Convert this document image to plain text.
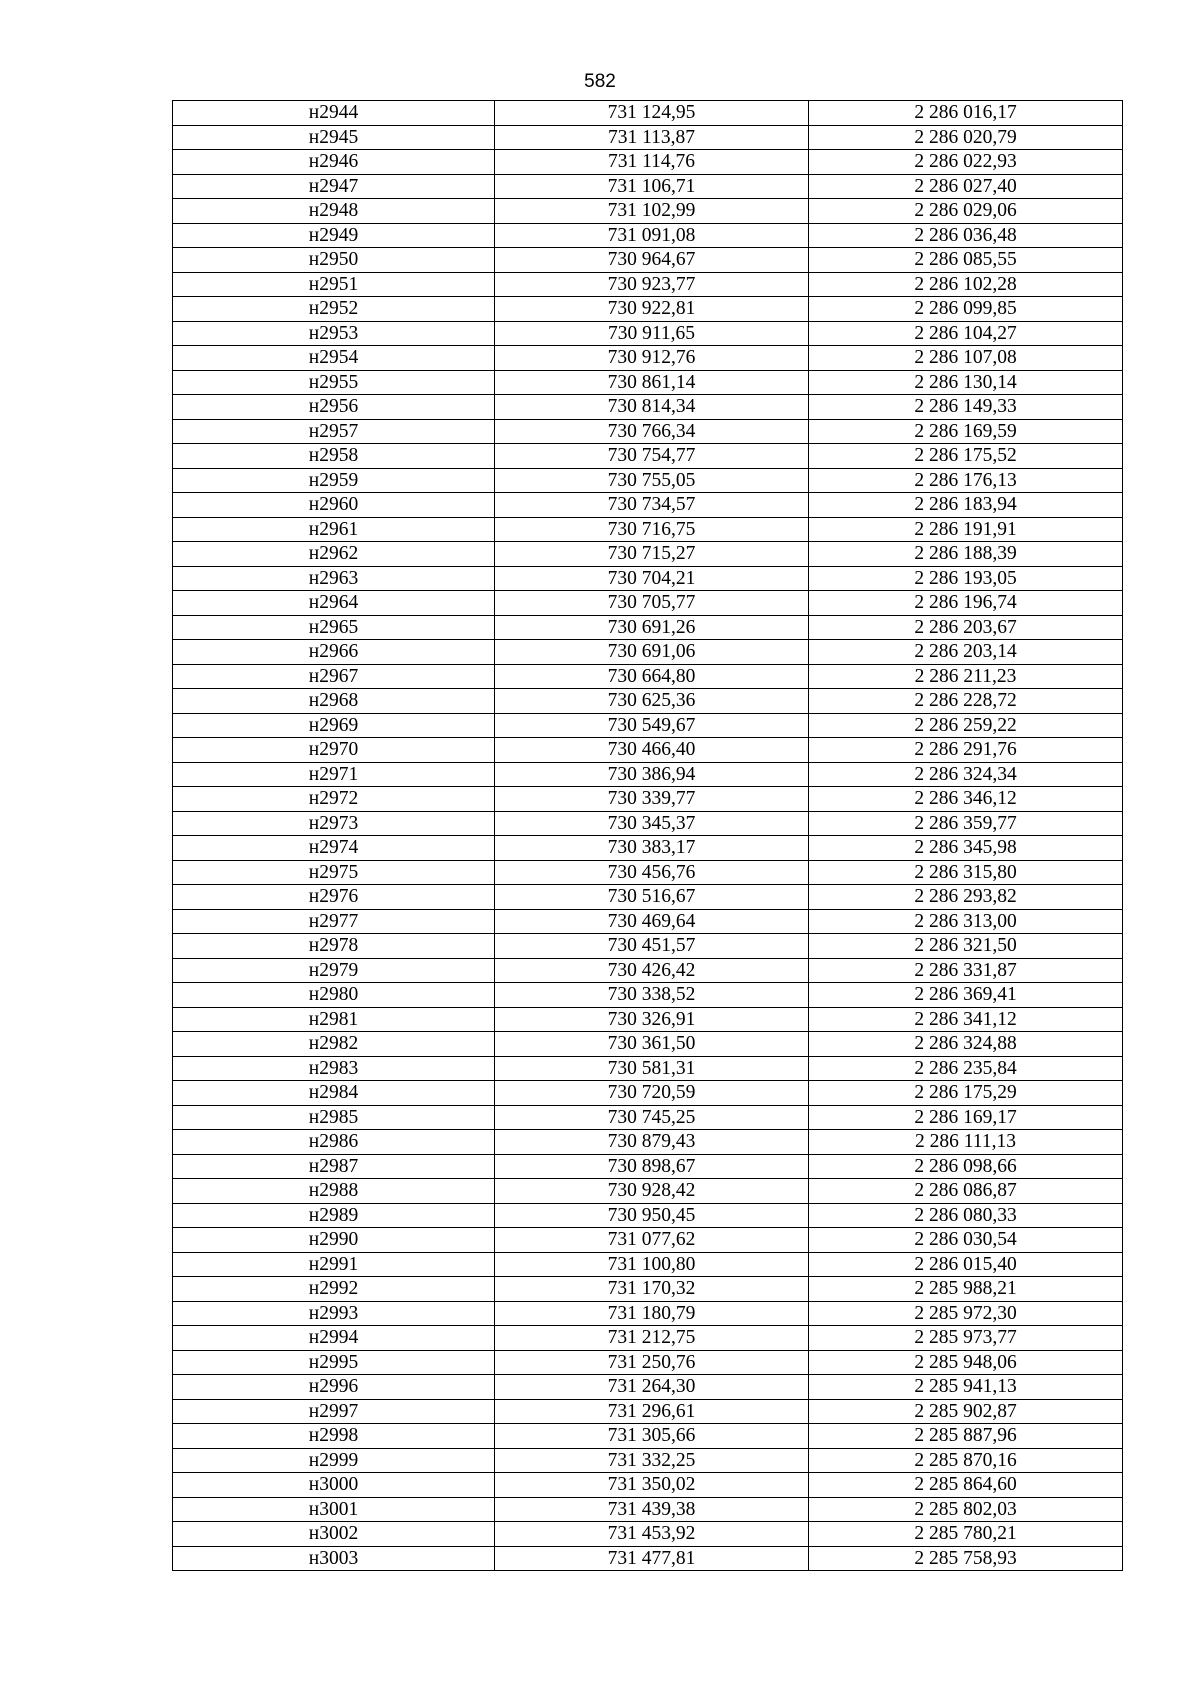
582
н2944	731 124,95	2 286 016,17
н2945	731 113,87	2 286 020,79
н2946	731 114,76	2 286 022,93
н2947	731 106,71	2 286 027,40
н2948	731 102,99	2 286 029,06
н2949	731 091,08	2 286 036,48
н2950	730 964,67	2 286 085,55
н2951	730 923,77	2 286 102,28
н2952	730 922,81	2 286 099,85
н2953	730 911,65	2 286 104,27
н2954	730 912,76	2 286 107,08
н2955	730 861,14	2 286 130,14
н2956	730 814,34	2 286 149,33
н2957	730 766,34	2 286 169,59
н2958	730 754,77	2 286 175,52
н2959	730 755,05	2 286 176,13
н2960	730 734,57	2 286 183,94
н2961	730 716,75	2 286 191,91
н2962	730 715,27	2 286 188,39
н2963	730 704,21	2 286 193,05
н2964	730 705,77	2 286 196,74
н2965	730 691,26	2 286 203,67
н2966	730 691,06	2 286 203,14
н2967	730 664,80	2 286 211,23
н2968	730 625,36	2 286 228,72
н2969	730 549,67	2 286 259,22
н2970	730 466,40	2 286 291,76
н2971	730 386,94	2 286 324,34
н2972	730 339,77	2 286 346,12
н2973	730 345,37	2 286 359,77
н2974	730 383,17	2 286 345,98
н2975	730 456,76	2 286 315,80
н2976	730 516,67	2 286 293,82
н2977	730 469,64	2 286 313,00
н2978	730 451,57	2 286 321,50
н2979	730 426,42	2 286 331,87
н2980	730 338,52	2 286 369,41
н2981	730 326,91	2 286 341,12
н2982	730 361,50	2 286 324,88
н2983	730 581,31	2 286 235,84
н2984	730 720,59	2 286 175,29
н2985	730 745,25	2 286 169,17
н2986	730 879,43	2 286 111,13
н2987	730 898,67	2 286 098,66
н2988	730 928,42	2 286 086,87
н2989	730 950,45	2 286 080,33
н2990	731 077,62	2 286 030,54
н2991	731 100,80	2 286 015,40
н2992	731 170,32	2 285 988,21
н2993	731 180,79	2 285 972,30
н2994	731 212,75	2 285 973,77
н2995	731 250,76	2 285 948,06
н2996	731 264,30	2 285 941,13
н2997	731 296,61	2 285 902,87
н2998	731 305,66	2 285 887,96
н2999	731 332,25	2 285 870,16
н3000	731 350,02	2 285 864,60
н3001	731 439,38	2 285 802,03
н3002	731 453,92	2 285 780,21
н3003	731 477,81	2 285 758,93
